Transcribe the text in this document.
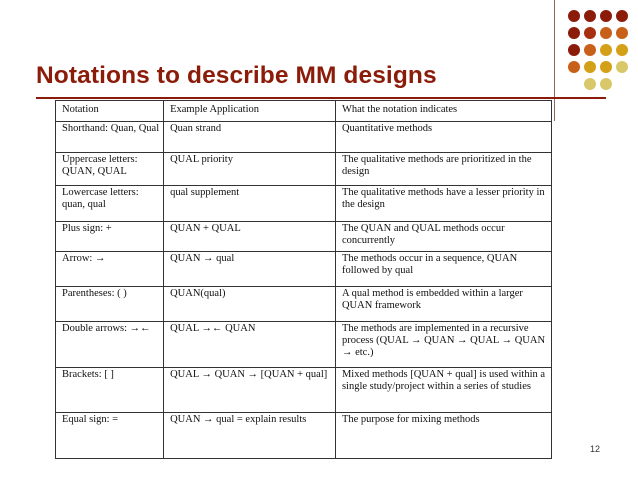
Notations to describe MM designs
Notation	Example Application	What the notation indicates
Shorthand: Quan, Qual	Quan strand	Quantitative methods
Uppercase letters: QUAN, QUAL	QUAL priority	The qualitative methods are prioritized in the design
Lowercase letters: quan, qual	qual supplement	The qualitative methods have a lesser priority in the design
Plus sign: +	QUAN + QUAL	The QUAN and QUAL methods occur concurrently
Arrow: →	QUAN → qual	The methods occur in a sequence, QUAN followed by qual
Parentheses: ( )	QUAN(qual)	A qual method is embedded within a larger QUAN framework
Double arrows: →←	QUAL →← QUAN	The methods are implemented in a recursive process (QUAL → QUAN → QUAL → QUAN → etc.)
Brackets: [ ]	QUAL → QUAN → [QUAN + qual]	Mixed methods [QUAN + qual] is used within a single study/project within a series of studies
Equal sign: =	QUAN → qual = explain results	The purpose for mixing methods
12
